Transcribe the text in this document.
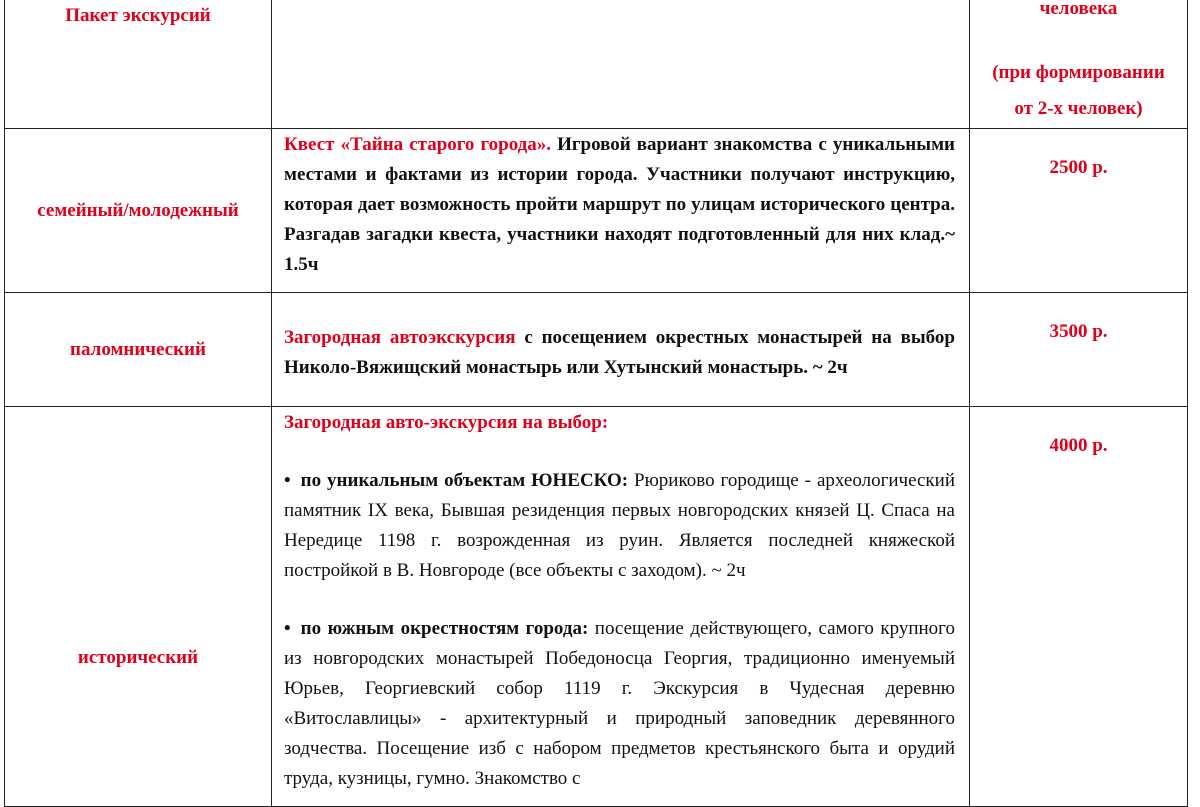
Пакет экскурсий		человека
(при формировании
от 2-х человек)

семейный/молодежный	Квест «Тайна старого города». Игровой вариант знакомства с уникальными местами и фактами из истории города. Участники получают инструкцию, которая дает возможность пройти маршрут по улицам исторического центра. Разгадав загадки квеста, участники находят подготовленный для них клад.~ 1.5ч	2500 р.
паломнический	Загородная автоэкскурсия с посещением окрестных монастырей на выбор Николо-Вяжищский монастырь или Хутынский монастырь. ~ 2ч	3500 р.
исторический	Загородная авто-экскурсия на выбор:

• по уникальным объектам ЮНЕСКО: Рюриково городище - археологический памятник IX века, Бывшая резиденция первых новгородских князей Ц. Спаса на Нередице 1198 г. возрожденная из руин. Является последней княжеской постройкой в В. Новгороде (все объекты с заходом). ~ 2ч

• по южным окрестностям города: посещение действующего, самого крупного из новгородских монастырей Победоносца Георгия, традиционно именуемый Юрьев, Георгиевский собор 1119 г. Экскурсия в Чудесная деревню «Витославлицы» - архитектурный и природный заповедник деревянного зодчества. Посещение изб с набором предметов крестьянского быта и орудий труда, кузницы, гумно. Знакомство с	4000 р.
